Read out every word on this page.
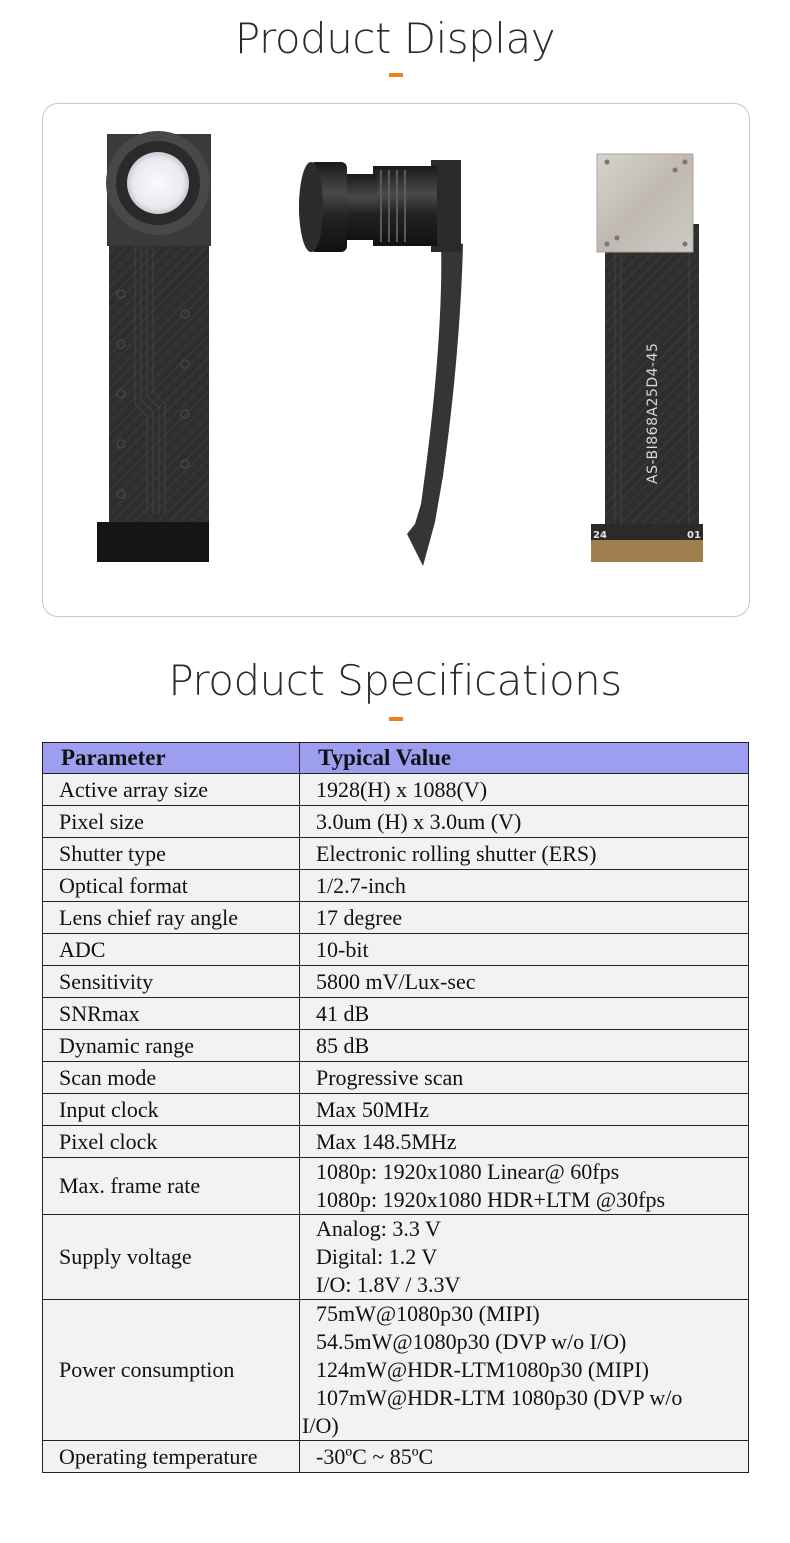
Product Display
AS-BI868A25D4-45
24	01
Product Specifications
Parameter	Typical Value
Active array size	1928(H) x 1088(V)

Pixel size	3.0um (H) x 3.0um (V)

Shutter type	Electronic rolling shutter (ERS)

Optical format	1/2.7-inch

Lens chief ray angle	17 degree

ADC	10-bit

Sensitivity	5800 mV/Lux-sec

SNRmax	41 dB

Dynamic range	85 dB

Scan mode	Progressive scan

Input clock	Max 50MHz

Pixel clock	Max 148.5MHz

Max. frame rate	1080p: 1920x1080 Linear@ 60fps
1080p: 1920x1080 HDR+LTM @30fps

Supply voltage	Analog: 3.3 V
Digital: 1.2 V
I/O: 1.8V / 3.3V

Power consumption	75mW@1080p30 (MIPI)
54.5mW@1080p30 (DVP w/o I/O)
124mW@HDR-LTM1080p30 (MIPI)
107mW@HDR-LTM 1080p30 (DVP w/o
I/O)

Operating temperature	-30ºC ~ 85ºC
